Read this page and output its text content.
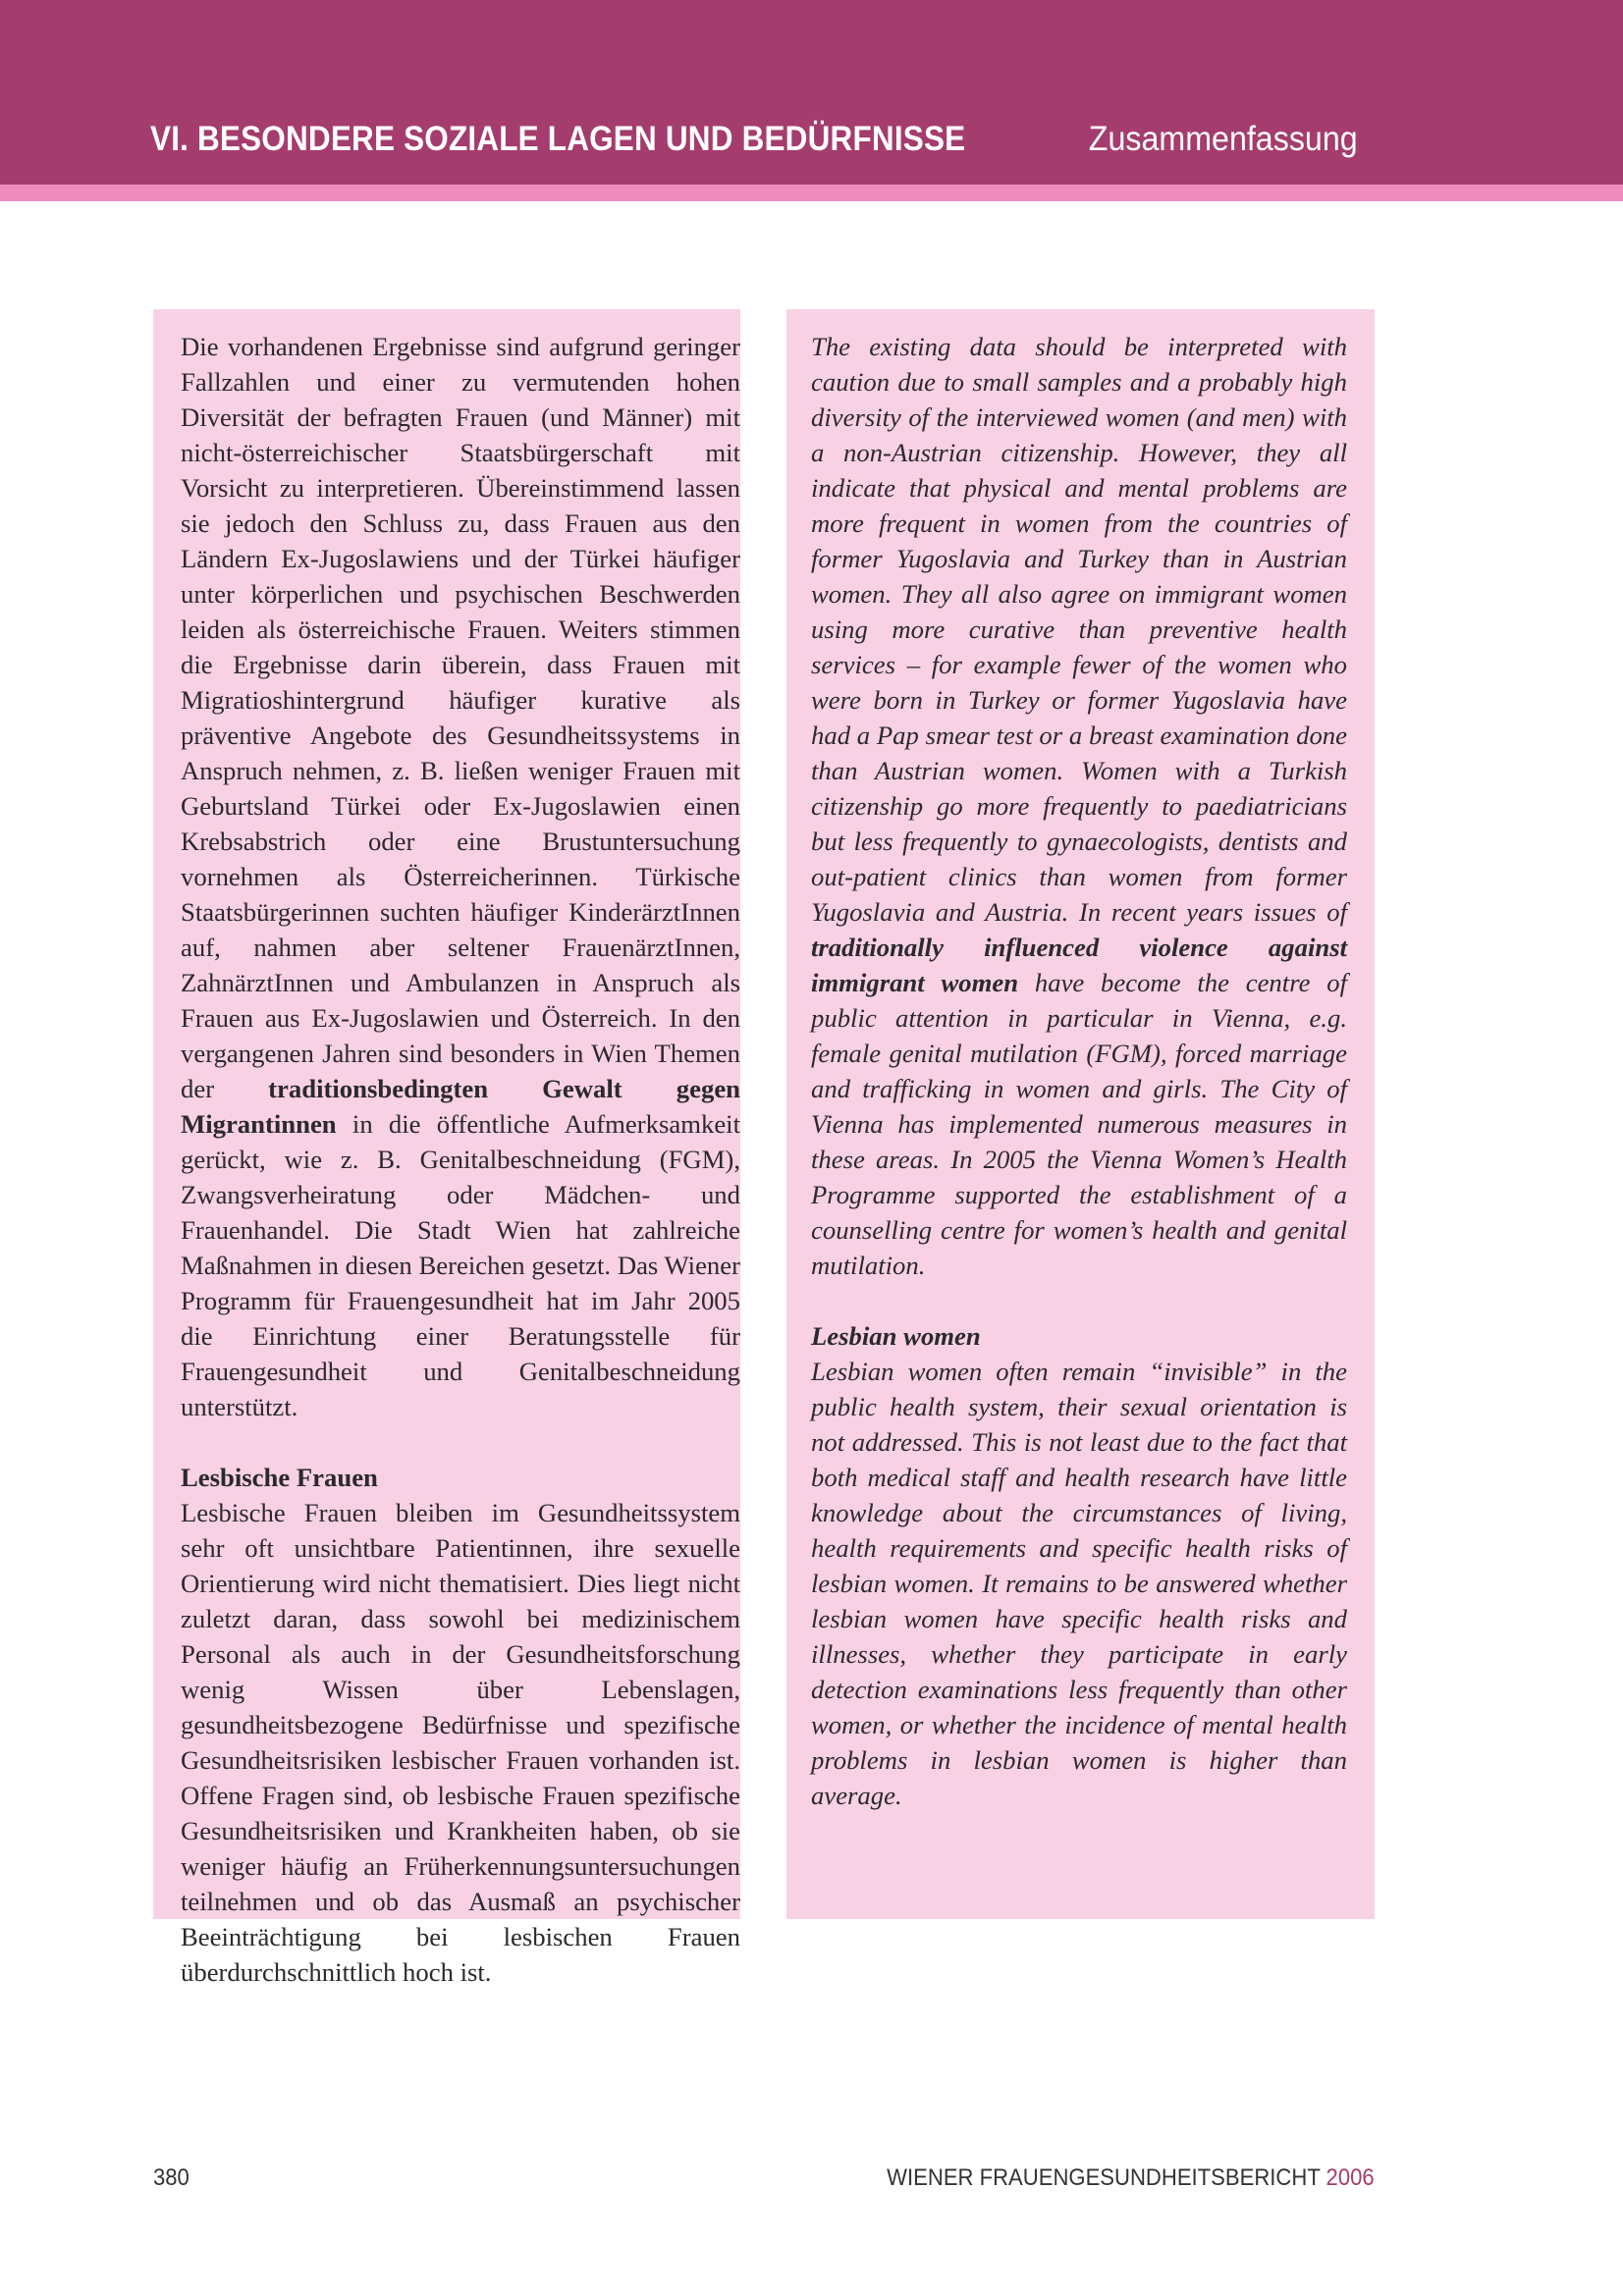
VI. BESONDERE SOZIALE LAGEN UND BEDÜRFNISSE	Zusammenfassung

Die vorhandenen Ergebnisse sind aufgrund geringer Fallzahlen und einer zu vermutenden hohen Diversität der befragten Frauen (und Männer) mit nicht-österreichischer Staatsbürgerschaft mit Vorsicht zu interpretieren. Übereinstimmend lassen sie jedoch den Schluss zu, dass Frauen aus den Ländern Ex-Jugoslawiens und der Türkei häufiger unter körperlichen und psychischen Beschwerden leiden als österreichische Frauen. Weiters stimmen die Ergebnisse darin überein, dass Frauen mit Migratioshintergrund häufiger kurative als präventive Angebote des Gesundheitssystems in Anspruch nehmen, z. B. ließen weniger Frauen mit Geburtsland Türkei oder Ex-Jugoslawien einen Krebsabstrich oder eine Brustuntersuchung vornehmen als Österreicherinnen. Türkische Staatsbürgerinnen suchten häufiger KinderärztInnen auf, nahmen aber seltener FrauenärztInnen, ZahnärztInnen und Ambulanzen in Anspruch als Frauen aus Ex-Jugoslawien und Österreich. In den vergangenen Jahren sind besonders in Wien Themen der traditionsbedingten Gewalt gegen Migrantinnen in die öffentliche Aufmerksamkeit gerückt, wie z. B. Genitalbeschneidung (FGM), Zwangsverheiratung oder Mädchen- und Frauenhandel. Die Stadt Wien hat zahlreiche Maßnahmen in diesen Bereichen gesetzt. Das Wiener Programm für Frauengesundheit hat im Jahr 2005 die Einrichtung einer Beratungsstelle für Frauengesundheit und Genitalbeschneidung unterstützt.

Lesbische Frauen

Lesbische Frauen bleiben im Gesundheitssystem sehr oft unsichtbare Patientinnen, ihre sexuelle Orientierung wird nicht thematisiert. Dies liegt nicht zuletzt daran, dass sowohl bei medizinischem Personal als auch in der Gesundheitsforschung wenig Wissen über Lebenslagen, gesundheitsbezogene Bedürfnisse und spezifische Gesundheitsrisiken lesbischer Frauen vorhanden ist. Offene Fragen sind, ob lesbische Frauen spezifische Gesundheitsrisiken und Krankheiten haben, ob sie weniger häufig an Früherkennungsuntersuchungen teilnehmen und ob das Ausmaß an psychischer Beeinträchtigung bei lesbischen Frauen überdurchschnittlich hoch ist.

The existing data should be interpreted with caution due to small samples and a probably high diversity of the interviewed women (and men) with a non-Austrian citizenship. However, they all indicate that physical and mental problems are more frequent in women from the countries of former Yugoslavia and Turkey than in Austrian women. They all also agree on immigrant women using more curative than preventive health services – for example fewer of the women who were born in Turkey or former Yugoslavia have had a Pap smear test or a breast examination done than Austrian women. Women with a Turkish citizenship go more frequently to paediatricians but less frequently to gynaecologists, dentists and out-patient clinics than women from former Yugoslavia and Austria. In recent years issues of traditionally influenced violence against immigrant women have become the centre of public attention in particular in Vienna, e.g. female genital mutilation (FGM), forced marriage and trafficking in women and girls. The City of Vienna has implemented numerous measures in these areas. In 2005 the Vienna Women’s Health Programme supported the establishment of a counselling centre for women’s health and genital mutilation.

Lesbian women

Lesbian women often remain “invisible” in the public health system, their sexual orientation is not addressed. This is not least due to the fact that both medical staff and health research have little knowledge about the circumstances of living, health requirements and specific health risks of lesbian women. It remains to be answered whether lesbian women have specific health risks and illnesses, whether they participate in early detection examinations less frequently than other women, or whether the incidence of mental health problems in lesbian women is higher than average.

380	WIENER FRAUENGESUNDHEITSBERICHT 2006
